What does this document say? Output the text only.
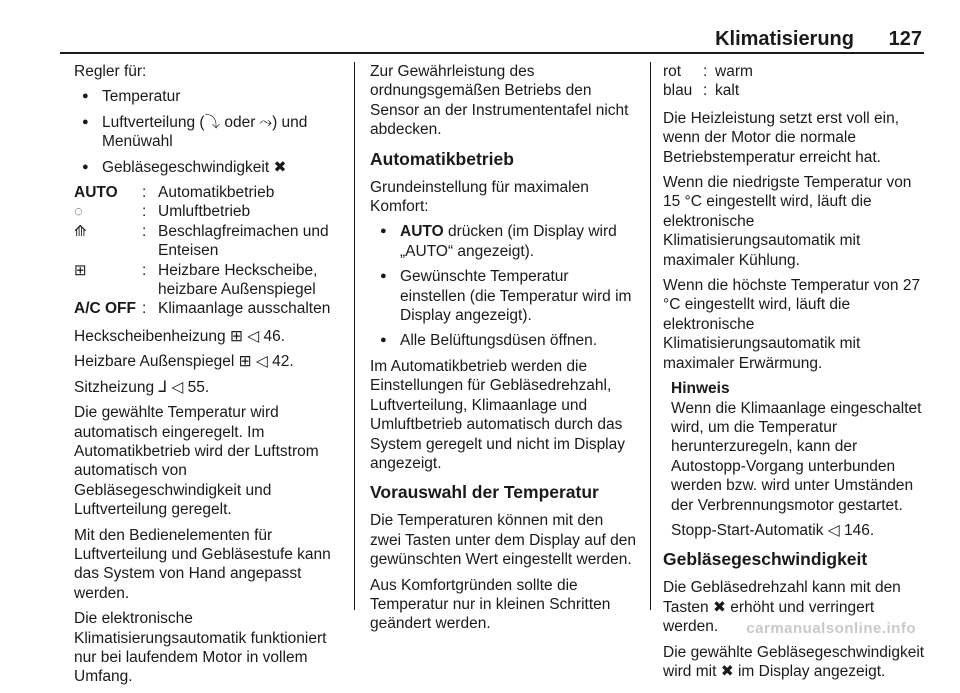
Klimatisierung 127

Regler für:

● Temperatur
● Luftverteilung (⤵ oder ⤳) und Menüwahl
● Gebläsegeschwindigkeit ✖
AUTO	: Automatikbetrieb
◌	: Umluftbetrieb
⟰	: Beschlagfreimachen und Enteisen
⊞	: Heizbare Heckscheibe, heizbare Außenspiegel
A/C OFF : Klimaanlage ausschalten

Heckscheibenheizung ⊞ ◁ 46.

Heizbare Außenspiegel ⊞ ◁ 42.

Sitzheizung ⅃ ◁ 55.

Die gewählte Temperatur wird automatisch eingeregelt. Im Automatikbetrieb wird der Luftstrom automatisch von Gebläsegeschwindigkeit und Luftverteilung geregelt.

Mit den Bedienelementen für Luftverteilung und Gebläsestufe kann das System von Hand angepasst werden.

Die elektronische Klimatisierungsautomatik funktioniert nur bei laufendem Motor in vollem Umfang.

Zur Gewährleistung des ordnungsgemäßen Betriebs den Sensor an der Instrumententafel nicht abdecken.

Automatikbetrieb

Grundeinstellung für maximalen Komfort:

● AUTO drücken (im Display wird „AUTO“ angezeigt).
● Gewünschte Temperatur einstellen (die Temperatur wird im Display angezeigt).
● Alle Belüftungsdüsen öffnen.

Im Automatikbetrieb werden die Einstellungen für Gebläsedrehzahl, Luftverteilung, Klimaanlage und Umluftbetrieb automatisch durch das System geregelt und nicht im Display angezeigt.

Vorauswahl der Temperatur

Die Temperaturen können mit den zwei Tasten unter dem Display auf den gewünschten Wert eingestellt werden.

Aus Komfortgründen sollte die Temperatur nur in kleinen Schritten geändert werden.

rot	: warm
blau : kalt

Die Heizleistung setzt erst voll ein, wenn der Motor die normale Betriebstemperatur erreicht hat.

Wenn die niedrigste Temperatur von 15 °C eingestellt wird, läuft die elektronische Klimatisierungsautomatik mit maximaler Kühlung.

Wenn die höchste Temperatur von 27 °C eingestellt wird, läuft die elektronische Klimatisierungsautomatik mit maximaler Erwärmung.

Hinweis

Wenn die Klimaanlage eingeschaltet wird, um die Temperatur herunterzuregeln, kann der Autostopp-Vorgang unterbunden werden bzw. wird unter Umständen der Verbrennungsmotor gestartet.

Stopp-Start-Automatik ◁ 146.

Gebläsegeschwindigkeit

Die Gebläsedrehzahl kann mit den Tasten ✖ erhöht und verringert werden.

Die gewählte Gebläsegeschwindigkeit wird mit ✖ im Display angezeigt.

carmanualsonline.info
